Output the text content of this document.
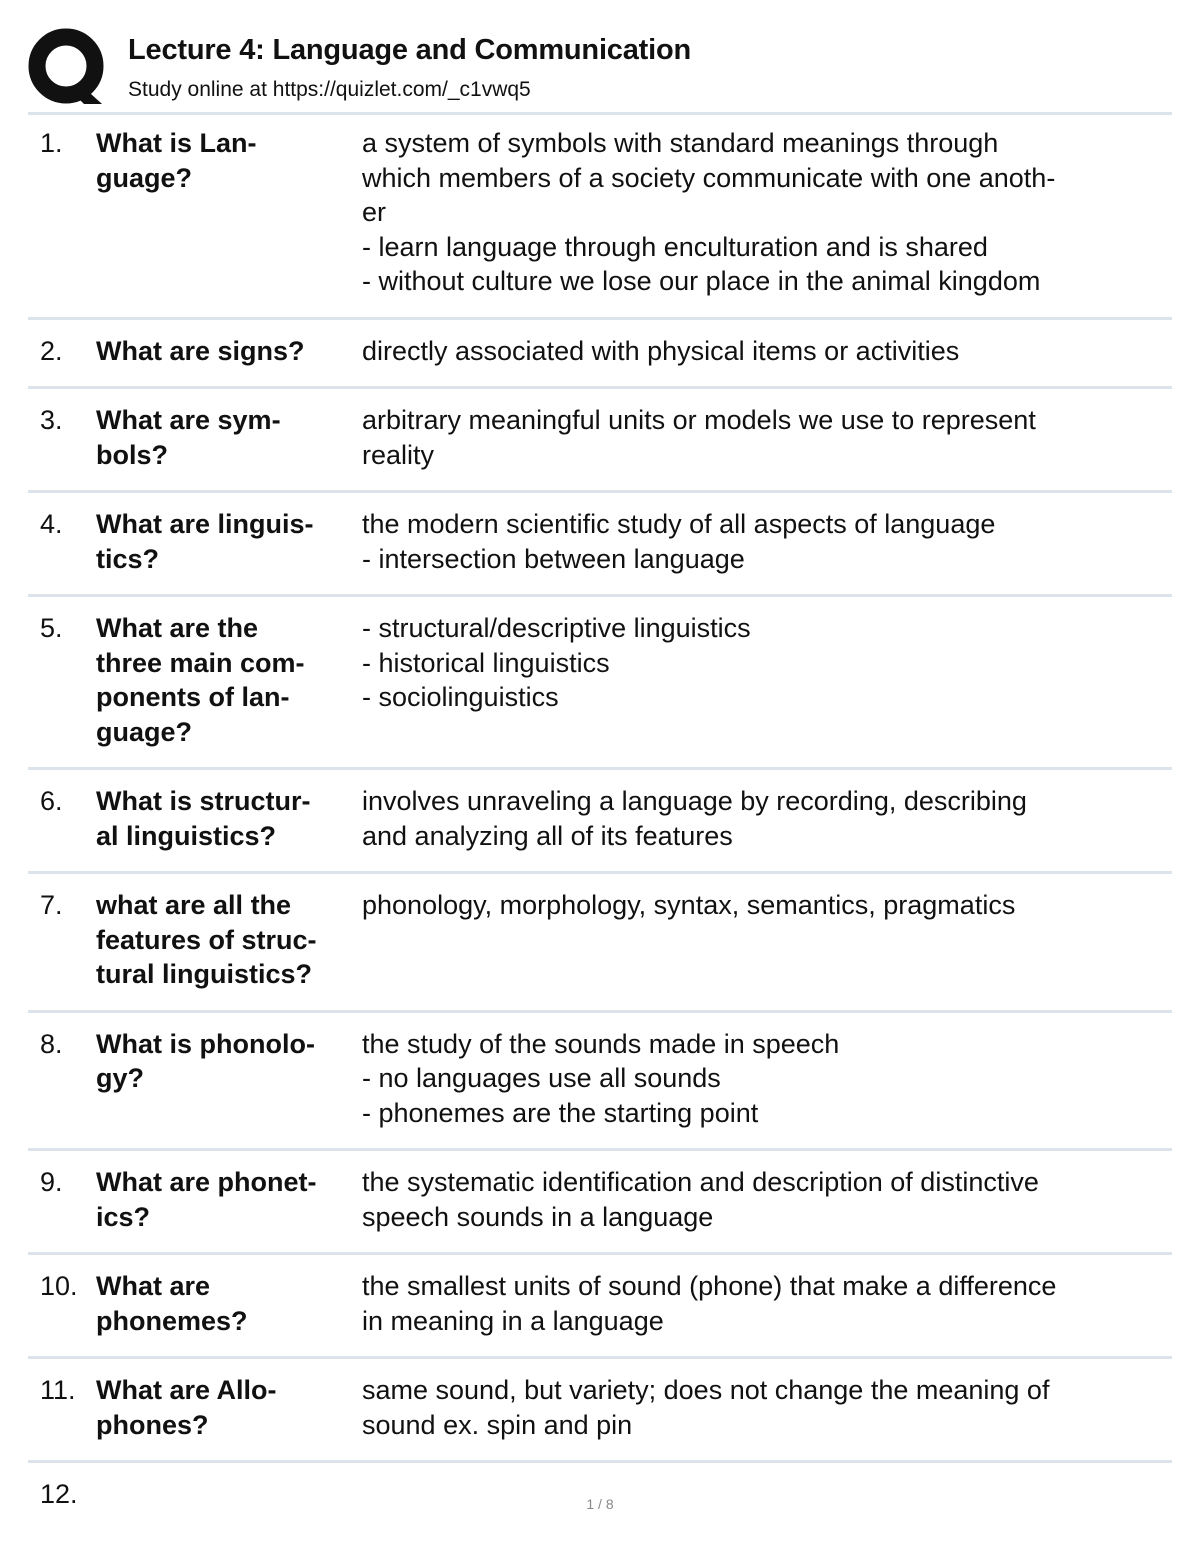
Lecture 4: Language and Communication
Study online at https://quizlet.com/_c1vwq5
1. What is Lan-
guage?
a system of symbols with standard meanings through
which members of a society communicate with one anoth-
er
- learn language through enculturation and is shared
- without culture we lose our place in the animal kingdom
2. What are signs?	directly associated with physical items or activities
3. What are sym-
bols?
arbitrary meaningful units or models we use to represent
reality
4. What are linguis-
tics?
the modern scientific study of all aspects of language
- intersection between language
5. What are the
three main com-
ponents of lan-
guage?
- structural/descriptive linguistics
- historical linguistics
- sociolinguistics
6. What is structur-
al linguistics?
involves unraveling a language by recording, describing
and analyzing all of its features
7. what are all the
features of struc-
tural linguistics?
phonology, morphology, syntax, semantics, pragmatics
8. What is phonolo-
gy?
the study of the sounds made in speech
- no languages use all sounds
- phonemes are the starting point
9. What are phonet-
ics?
the systematic identification and description of distinctive
speech sounds in a language
10. What are
phonemes?
the smallest units of sound (phone) that make a difference
in meaning in a language
11. What are Allo-
phones?
same sound, but variety; does not change the meaning of
sound ex. spin and pin
12.	1 / 8
